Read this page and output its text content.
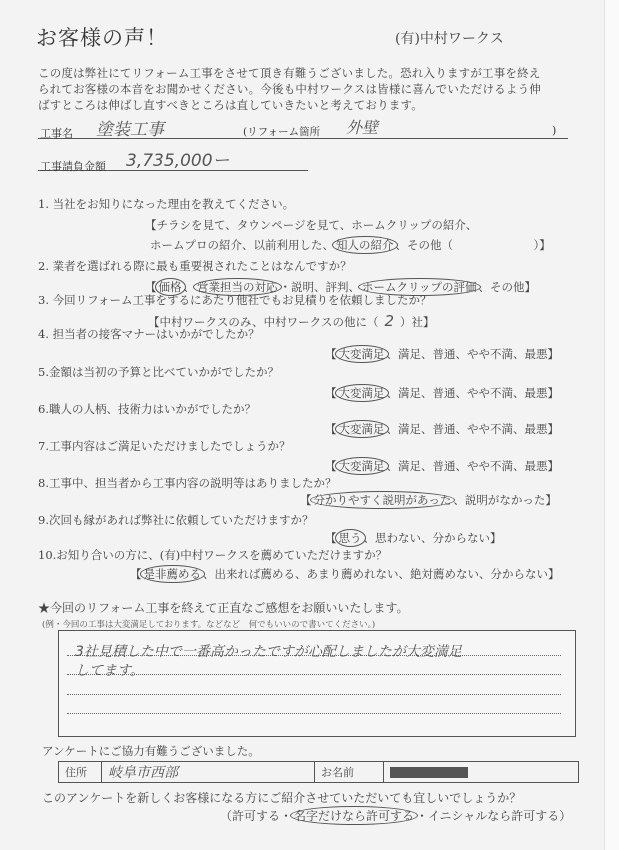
お客様の声！	(有)中村ワークス
この度は弊社にてリフォーム工事をさせて頂き有難うございました。恐れ入りますが工事を終え
られてお客様の本音をお聞かせください。今後も中村ワークスは皆様に喜んでいただけるよう伸
ばすところは伸ばし直すべきところは直していきたいと考えております。
工事名 塗装工事	(リフォーム箇所 外壁	)
工事請負金額 3,735,000ー
1. 当社をお知りになった理由を教えてください。
【チラシを見て、タウンページを見て、ホームクリップの紹介、
ホームプロの紹介、以前利用した、 知人の紹介 、その他（　　　　　　　）】
2. 業者を選ばれる際に最も重要視されたことはなんですか？
【 価格 、 営業担当の対応 ・説明、評判、 ホームクリップの評価 、その他】
3. 今回リフォーム工事をするにあたり他社でもお見積りを依頼しましたか？
【中村ワークスのみ、中村ワークスの他に（ 2 ）社】
4. 担当者の接客マナーはいかがでしたか？
【 大変満足 、満足、普通、やや不満、最悪】
5.金額は当初の予算と比べていかがでしたか？
【 大変満足 、満足、普通、やや不満、最悪】
6.職人の人柄、技術力はいかがでしたか？
【 大変満足 、満足、普通、やや不満、最悪】
7.工事内容はご満足いただけましたでしょうか？
【 大変満足 、満足、普通、やや不満、最悪】
8.工事中、担当者から工事内容の説明等はありましたか？
【 分かりやすく説明があった 、説明がなかった】
9.次回も縁があれば弊社に依頼していただけますか？
【 思う 、思わない、分からない】
10.お知り合いの方に、(有)中村ワークスを薦めていただけますか？
【 是非薦める 、出来れば薦める、あまり薦めれない、絶対薦めない、分からない】
★今回のリフォーム工事を終えて正直なご感想をお願いいたします。
(例・今回の工事は大変満足しております。などなど　何でもいいので書いてください。)
3社見積した中で一番高かったですが心配しましたが大変満足
してます。
アンケートにご協力有難うございました。
住所	岐阜市西部	お名前	
このアンケートを新しくお客様になる方にご紹介させていただいても宜しいでしょうか？
（許可する・ 名字だけなら許可する ・イニシャルなら許可する）
